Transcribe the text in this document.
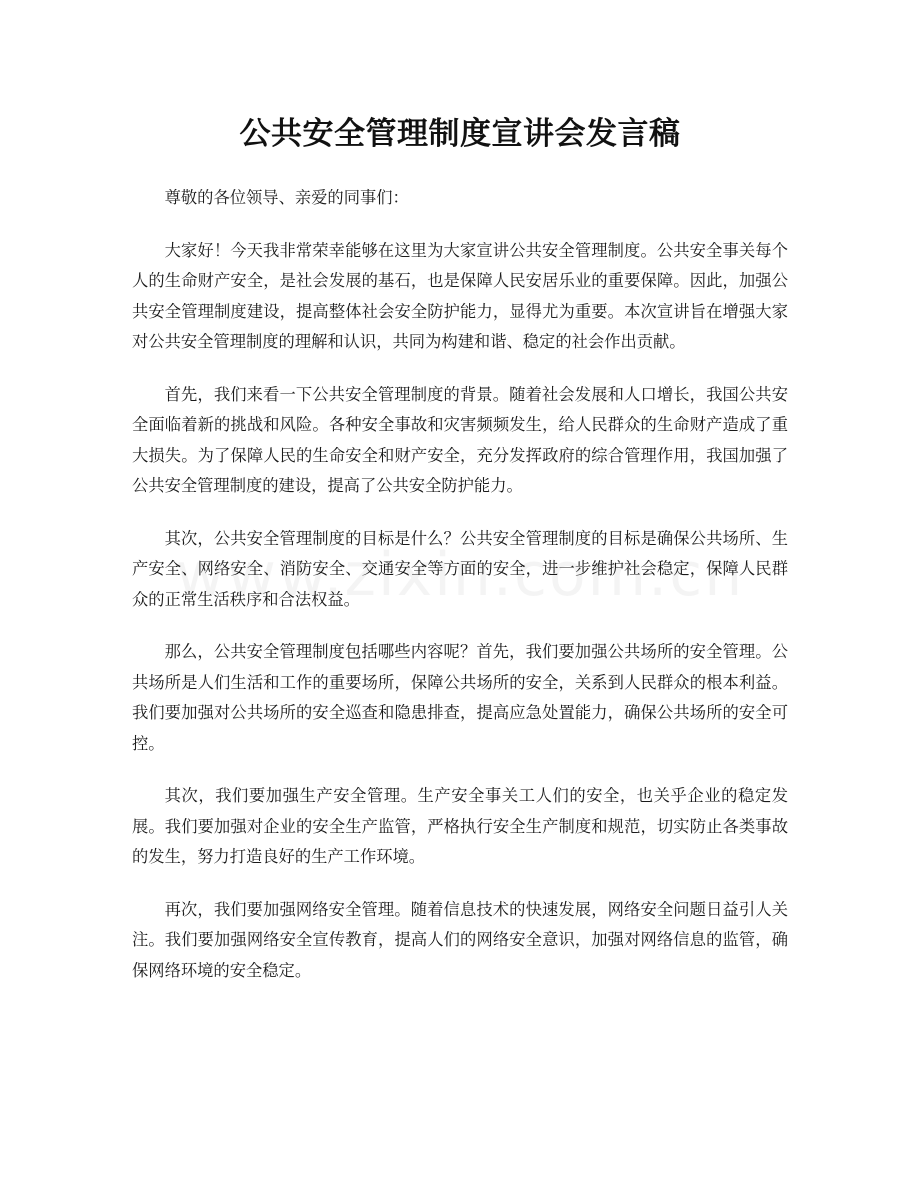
公共安全管理制度宣讲会发言稿

尊敬的各位领导、亲爱的同事们：

大家好！今天我非常荣幸能够在这里为大家宣讲公共安全管理制度。公共安全事关每个人的生命财产安全，是社会发展的基石，也是保障人民安居乐业的重要保障。因此，加强公共安全管理制度建设，提高整体社会安全防护能力，显得尤为重要。本次宣讲旨在增强大家对公共安全管理制度的理解和认识，共同为构建和谐、稳定的社会作出贡献。

首先，我们来看一下公共安全管理制度的背景。随着社会发展和人口增长，我国公共安全面临着新的挑战和风险。各种安全事故和灾害频频发生，给人民群众的生命财产造成了重大损失。为了保障人民的生命安全和财产安全，充分发挥政府的综合管理作用，我国加强了公共安全管理制度的建设，提高了公共安全防护能力。

其次，公共安全管理制度的目标是什么？公共安全管理制度的目标是确保公共场所、生产安全、网络安全、消防安全、交通安全等方面的安全，进一步维护社会稳定，保障人民群众的正常生活秩序和合法权益。

那么，公共安全管理制度包括哪些内容呢？首先，我们要加强公共场所的安全管理。公共场所是人们生活和工作的重要场所，保障公共场所的安全，关系到人民群众的根本利益。我们要加强对公共场所的安全巡查和隐患排查，提高应急处置能力，确保公共场所的安全可控。

其次，我们要加强生产安全管理。生产安全事关工人们的安全，也关乎企业的稳定发展。我们要加强对企业的安全生产监管，严格执行安全生产制度和规范，切实防止各类事故的发生，努力打造良好的生产工作环境。

再次，我们要加强网络安全管理。随着信息技术的快速发展，网络安全问题日益引人关注。我们要加强网络安全宣传教育，提高人们的网络安全意识，加强对网络信息的监管，确保网络环境的安全稳定。
